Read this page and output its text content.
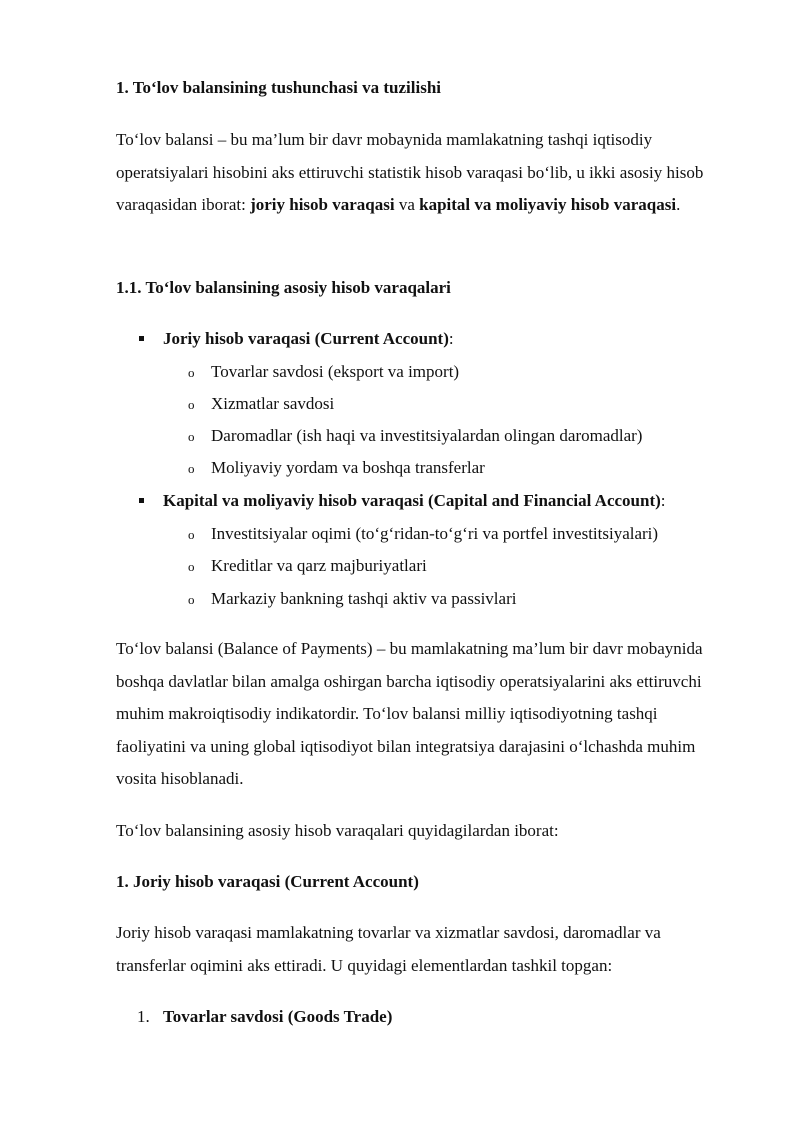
1. To‘lov balansining tushunchasi va tuzilishi

To‘lov balansi – bu ma’lum bir davr mobaynida mamlakatning tashqi iqtisodiy operatsiyalari hisobini aks ettiruvchi statistik hisob varaqasi bo‘lib, u ikki asosiy hisob varaqasidan iborat: joriy hisob varaqasi va kapital va moliyaviy hisob varaqasi.

1.1. To‘lov balansining asosiy hisob varaqalari

Joriy hisob varaqasi (Current Account):

o Tovarlar savdosi (eksport va import)

o Xizmatlar savdosi

o Daromadlar (ish haqi va investitsiyalardan olingan daromadlar)

o Moliyaviy yordam va boshqa transferlar

Kapital va moliyaviy hisob varaqasi (Capital and Financial Account):

o Investitsiyalar oqimi (to‘g‘ridan-to‘g‘ri va portfel investitsiyalari)

o Kreditlar va qarz majburiyatlari

o Markaziy bankning tashqi aktiv va passivlari

To‘lov balansi (Balance of Payments) – bu mamlakatning ma’lum bir davr mobaynida boshqa davlatlar bilan amalga oshirgan barcha iqtisodiy operatsiyalarini aks ettiruvchi muhim makroiqtisodiy indikatordir. To‘lov balansi milliy iqtisodiyotning tashqi faoliyatini va uning global iqtisodiyot bilan integratsiya darajasini o‘lchashda muhim vosita hisoblanadi.

To‘lov balansining asosiy hisob varaqalari quyidagilardan iborat:

1. Joriy hisob varaqasi (Current Account)

Joriy hisob varaqasi mamlakatning tovarlar va xizmatlar savdosi, daromadlar va transferlar oqimini aks ettiradi. U quyidagi elementlardan tashkil topgan:

1. Tovarlar savdosi (Goods Trade)
